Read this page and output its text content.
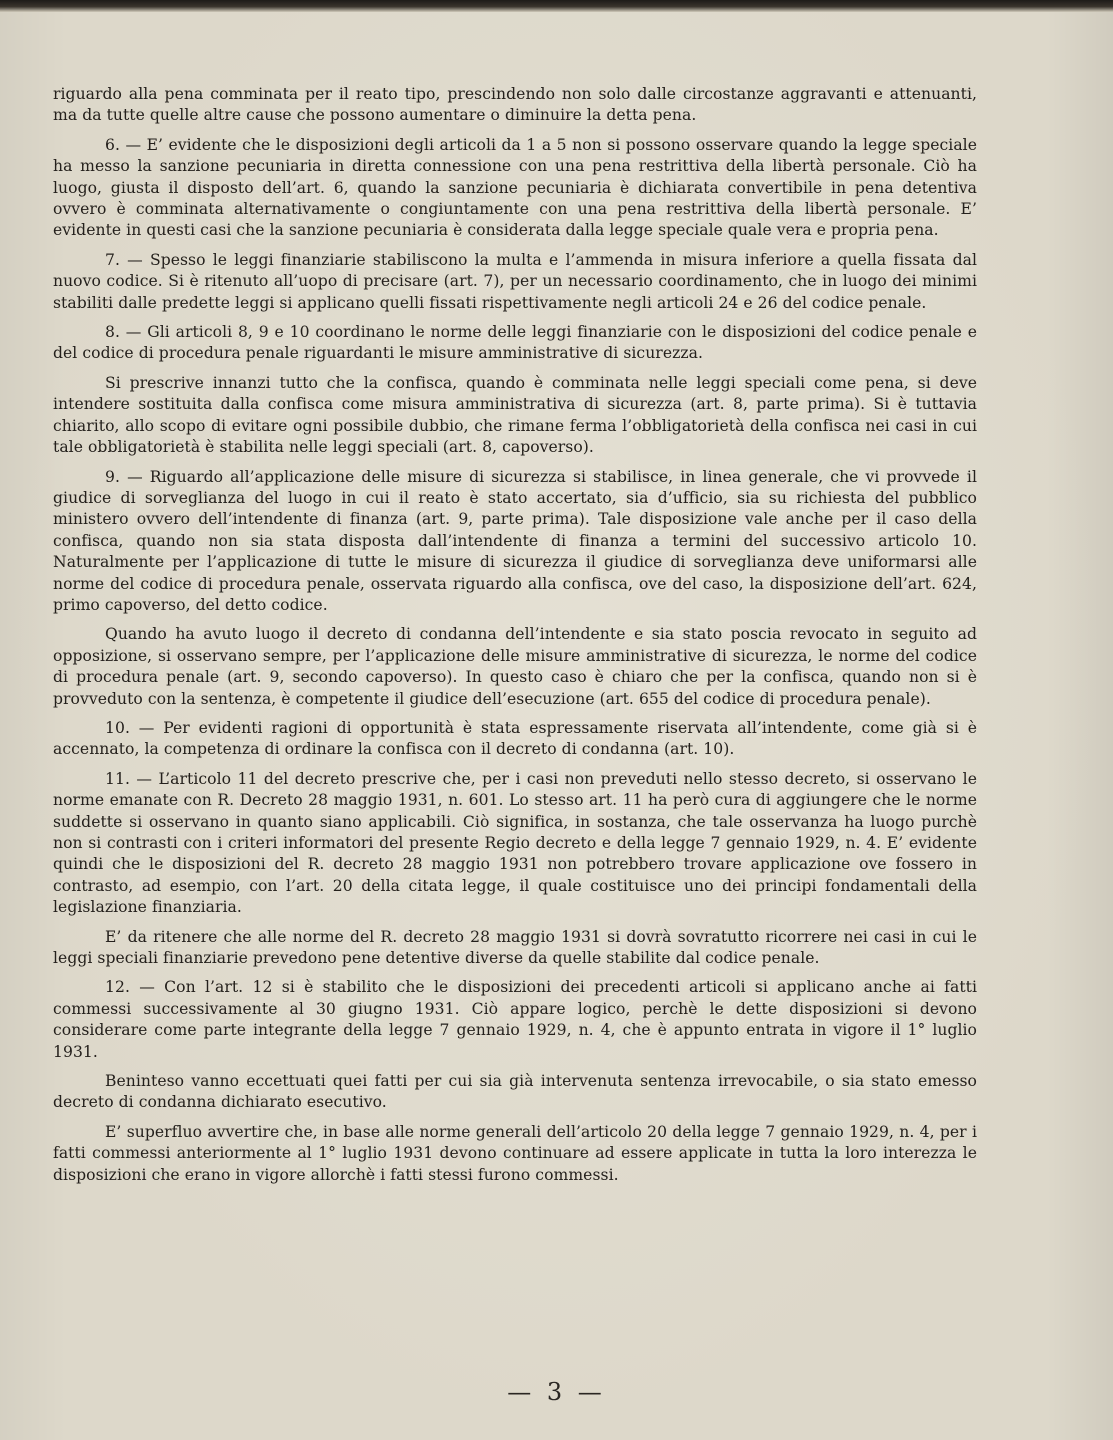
riguardo alla pena comminata per il reato tipo, prescindendo non solo dalle circostanze aggravanti e attenuanti, ma da tutte quelle altre cause che possono aumentare o diminuire la detta pena.

6. — E’ evidente che le disposizioni degli articoli da 1 a 5 non si possono osservare quando la legge speciale ha messo la sanzione pecuniaria in diretta connessione con una pena restrittiva della libertà personale. Ciò ha luogo, giusta il disposto dell’art. 6, quando la sanzione pecuniaria è dichiarata convertibile in pena detentiva ovvero è comminata alternativamente o congiuntamente con una pena restrittiva della libertà personale. E’ evidente in questi casi che la sanzione pecuniaria è considerata dalla legge speciale quale vera e propria pena.

7. — Spesso le leggi finanziarie stabiliscono la multa e l’ammenda in misura inferiore a quella fissata dal nuovo codice. Si è ritenuto all’uopo di precisare (art. 7), per un necessario coordinamento, che in luogo dei minimi stabiliti dalle predette leggi si applicano quelli fissati rispettivamente negli articoli 24 e 26 del codice penale.

8. — Gli articoli 8, 9 e 10 coordinano le norme delle leggi finanziarie con le disposizioni del codice penale e del codice di procedura penale riguardanti le misure amministrative di sicurezza.

Si prescrive innanzi tutto che la confisca, quando è comminata nelle leggi speciali come pena, si deve intendere sostituita dalla confisca come misura amministrativa di sicurezza (art. 8, parte prima). Si è tuttavia chiarito, allo scopo di evitare ogni possibile dubbio, che rimane ferma l’obbligatorietà della confisca nei casi in cui tale obbligatorietà è stabilita nelle leggi speciali (art. 8, capoverso).

9. — Riguardo all’applicazione delle misure di sicurezza si stabilisce, in linea generale, che vi provvede il giudice di sorveglianza del luogo in cui il reato è stato accertato, sia d’ufficio, sia su richiesta del pubblico ministero ovvero dell’intendente di finanza (art. 9, parte prima). Tale disposizione vale anche per il caso della confisca, quando non sia stata disposta dall’intendente di finanza a termini del successivo articolo 10. Naturalmente per l’applicazione di tutte le misure di sicurezza il giudice di sorveglianza deve uniformarsi alle norme del codice di procedura penale, osservata riguardo alla confisca, ove del caso, la disposizione dell’art. 624, primo capoverso, del detto codice.

Quando ha avuto luogo il decreto di condanna dell’intendente e sia stato poscia revocato in seguito ad opposizione, si osservano sempre, per l’applicazione delle misure amministrative di sicurezza, le norme del codice di procedura penale (art. 9, secondo capoverso). In questo caso è chiaro che per la confisca, quando non si è provveduto con la sentenza, è competente il giudice dell’esecuzione (art. 655 del codice di procedura penale).

10. — Per evidenti ragioni di opportunità è stata espressamente riservata all’intendente, come già si è accennato, la competenza di ordinare la confisca con il decreto di condanna (art. 10).

11. — L’articolo 11 del decreto prescrive che, per i casi non preveduti nello stesso decreto, si osservano le norme emanate con R. Decreto 28 maggio 1931, n. 601. Lo stesso art. 11 ha però cura di aggiungere che le norme suddette si osservano in quanto siano applicabili. Ciò significa, in sostanza, che tale osservanza ha luogo purchè non si contrasti con i criteri informatori del presente Regio decreto e della legge 7 gennaio 1929, n. 4. E’ evidente quindi che le disposizioni del R. decreto 28 maggio 1931 non potrebbero trovare applicazione ove fossero in contrasto, ad esempio, con l’art. 20 della citata legge, il quale costituisce uno dei principi fondamentali della legislazione finanziaria.

E’ da ritenere che alle norme del R. decreto 28 maggio 1931 si dovrà sovratutto ricorrere nei casi in cui le leggi speciali finanziarie prevedono pene detentive diverse da quelle stabilite dal codice penale.

12. — Con l’art. 12 si è stabilito che le disposizioni dei precedenti articoli si applicano anche ai fatti commessi successivamente al 30 giugno 1931. Ciò appare logico, perchè le dette disposizioni si devono considerare come parte integrante della legge 7 gennaio 1929, n. 4, che è appunto entrata in vigore il 1° luglio 1931.

Beninteso vanno eccettuati quei fatti per cui sia già intervenuta sentenza irrevocabile, o sia stato emesso decreto di condanna dichiarato esecutivo.

E’ superfluo avvertire che, in base alle norme generali dell’articolo 20 della legge 7 gennaio 1929, n. 4, per i fatti commessi anteriormente al 1° luglio 1931 devono continuare ad essere applicate in tutta la loro interezza le disposizioni che erano in vigore allorchè i fatti stessi furono commessi.

— 3 —
